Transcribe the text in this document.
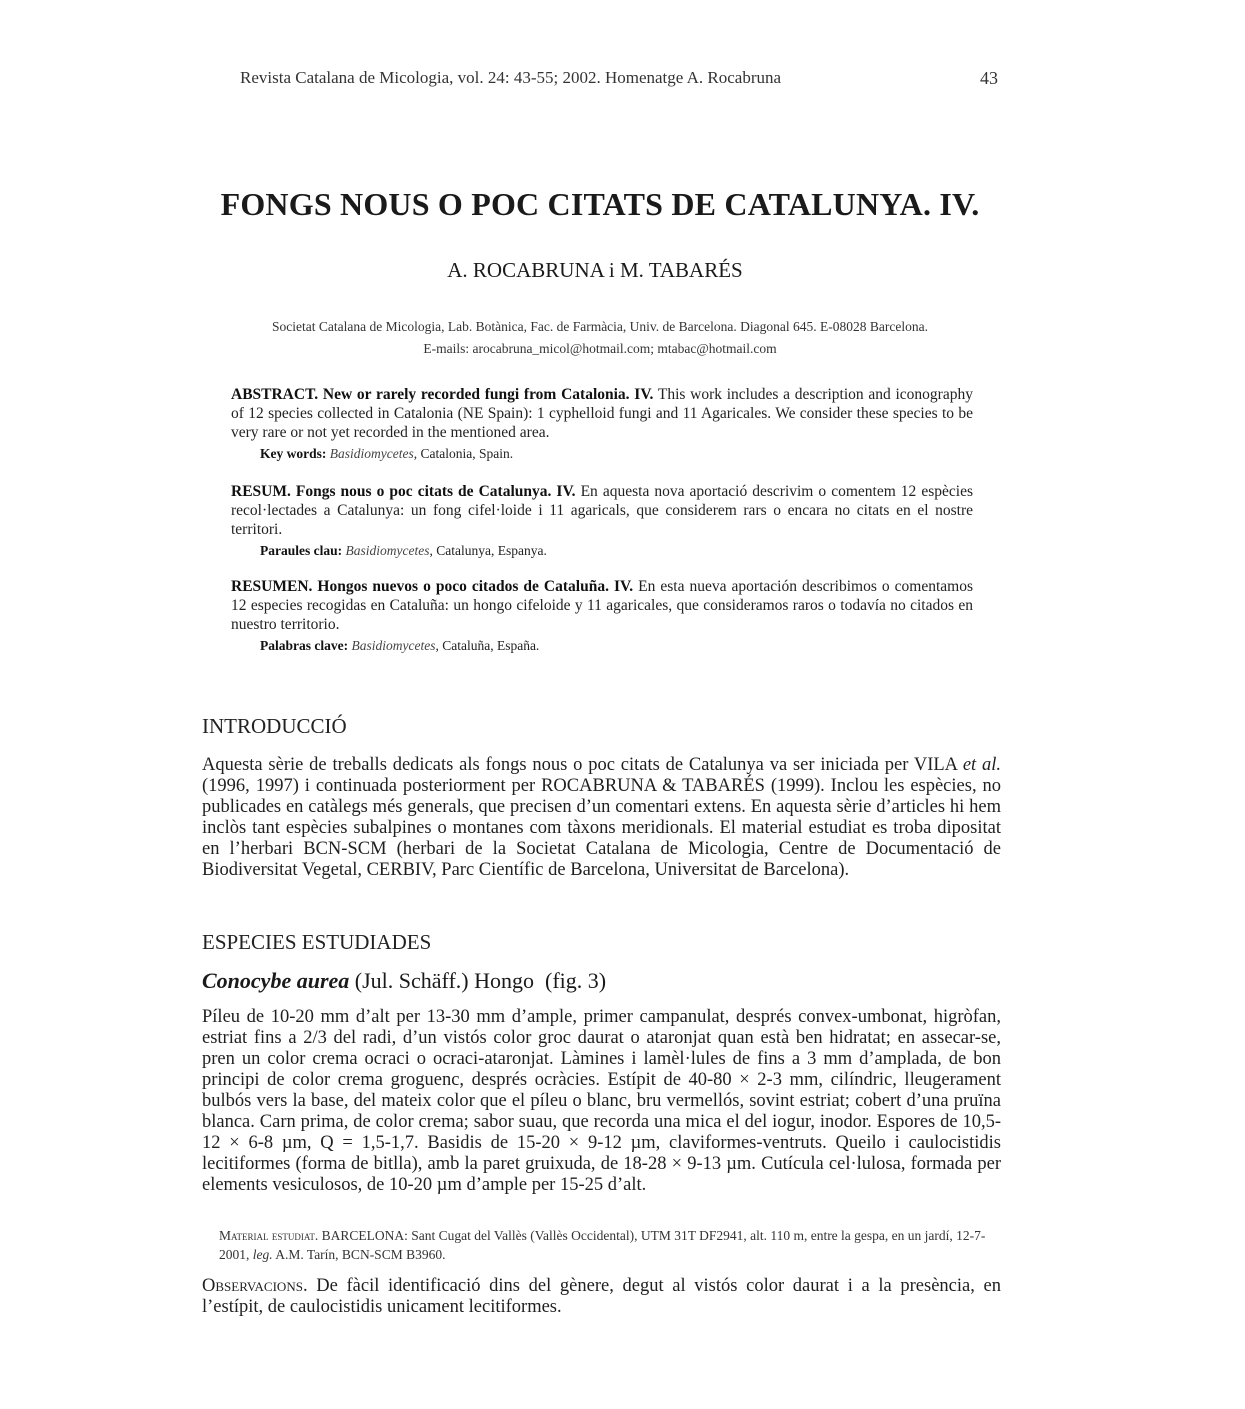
Revista Catalana de Micologia, vol. 24: 43-55; 2002. Homenatge A. Rocabruna	43
FONGS NOUS O POC CITATS DE CATALUNYA. IV.
A. ROCABRUNA i M. TABARÉS
Societat Catalana de Micologia, Lab. Botànica, Fac. de Farmàcia, Univ. de Barcelona. Diagonal 645. E-08028 Barcelona.
E-mails: arocabruna_micol@hotmail.com; mtabac@hotmail.com
ABSTRACT. New or rarely recorded fungi from Catalonia. IV. This work includes a description and iconography of 12 species collected in Catalonia (NE Spain): 1 cyphelloid fungi and 11 Agaricales. We consider these species to be very rare or not yet recorded in the mentioned area.
Key words: Basidiomycetes, Catalonia, Spain.
RESUM. Fongs nous o poc citats de Catalunya. IV. En aquesta nova aportació descrivim o comentem 12 espècies recol·lectades a Catalunya: un fong cifel·loide i 11 agaricals, que considerem rars o encara no citats en el nostre territori.
Paraules clau: Basidiomycetes, Catalunya, Espanya.
RESUMEN. Hongos nuevos o poco citados de Cataluña. IV. En esta nueva aportación describimos o comentamos 12 especies recogidas en Cataluña: un hongo cifeloide y 11 agaricales, que consideramos raros o todavía no citados en nuestro territorio.
Palabras clave: Basidiomycetes, Cataluña, España.
INTRODUCCIÓ
Aquesta sèrie de treballs dedicats als fongs nous o poc citats de Catalunya va ser iniciada per VILA et al. (1996, 1997) i continuada posteriorment per ROCABRUNA & TABARÉS (1999). Inclou les espècies, no publicades en catàlegs més generals, que precisen d’un comentari extens. En aquesta sèrie d’articles hi hem inclòs tant espècies subalpines o montanes com tàxons meridionals. El material estudiat es troba dipositat en l’herbari BCN-SCM (herbari de la Societat Catalana de Micologia, Centre de Documentació de Biodiversitat Vegetal, CERBIV, Parc Científic de Barcelona, Universitat de Barcelona).
ESPECIES ESTUDIADES
Conocybe aurea (Jul. Schäff.) Hongo (fig. 3)
Píleu de 10-20 mm d’alt per 13-30 mm d’ample, primer campanulat, després convex-umbonat, higròfan, estriat fins a 2/3 del radi, d’un vistós color groc daurat o ataronjat quan està ben hidratat; en assecar-se, pren un color crema ocraci o ocraci-ataronjat. Làmines i lamèl·lules de fins a 3 mm d’amplada, de bon principi de color crema groguenc, després ocràcies. Estípit de 40-80 × 2-3 mm, cilíndric, lleugerament bulbós vers la base, del mateix color que el píleu o blanc, bru vermellós, sovint estriat; cobert d’una pruïna blanca. Carn prima, de color crema; sabor suau, que recorda una mica el del iogur, inodor. Espores de 10,5-12 × 6-8 µm, Q = 1,5-1,7. Basidis de 15-20 × 9-12 µm, claviformes-ventruts. Queilo i caulocistidis lecitiformes (forma de bitlla), amb la paret gruixuda, de 18-28 × 9-13 µm. Cutícula cel·lulosa, formada per elements vesiculosos, de 10-20 µm d’ample per 15-25 d’alt.
Material estudiat. BARCELONA: Sant Cugat del Vallès (Vallès Occidental), UTM 31T DF2941, alt. 110 m, entre la gespa, en un jardí, 12-7-2001, leg. A.M. Tarín, BCN-SCM B3960.
Observacions. De fàcil identificació dins del gènere, degut al vistós color daurat i a la presència, en l’estípit, de caulocistidis unicament lecitiformes.
